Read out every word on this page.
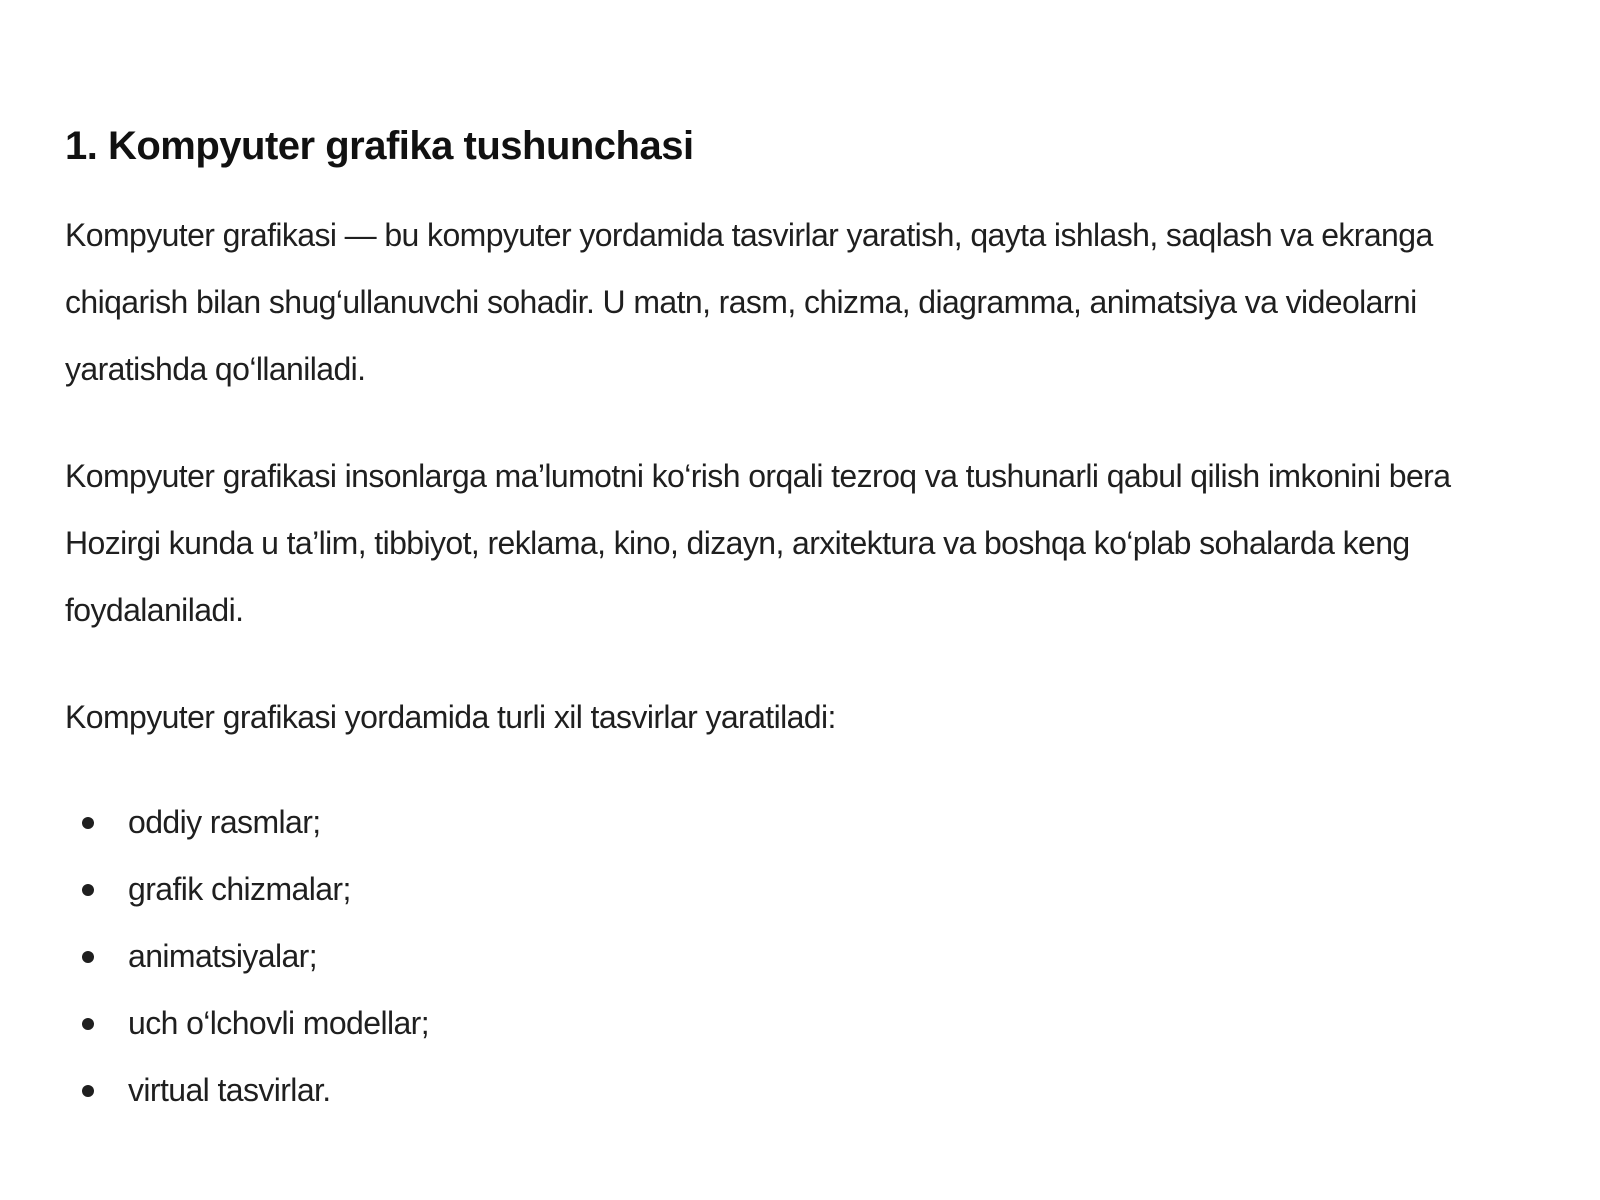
1. Kompyuter grafika tushunchasi

Kompyuter grafikasi — bu kompyuter yordamida tasvirlar yaratish, qayta ishlash, saqlash va ekranga chiqarish bilan shug‘ullanuvchi sohadir. U matn, rasm, chizma, diagramma, animatsiya va videolarni yaratishda qo‘llaniladi.

Kompyuter grafikasi insonlarga ma’lumotni ko‘rish orqali tezroq va tushunarli qabul qilish imkonini bera
Hozirgi kunda u ta’lim, tibbiyot, reklama, kino, dizayn, arxitektura va boshqa ko‘plab sohalarda keng foydalaniladi.

Kompyuter grafikasi yordamida turli xil tasvirlar yaratiladi:

oddiy rasmlar;
grafik chizmalar;
animatsiyalar;
uch o‘lchovli modellar;
virtual tasvirlar.
